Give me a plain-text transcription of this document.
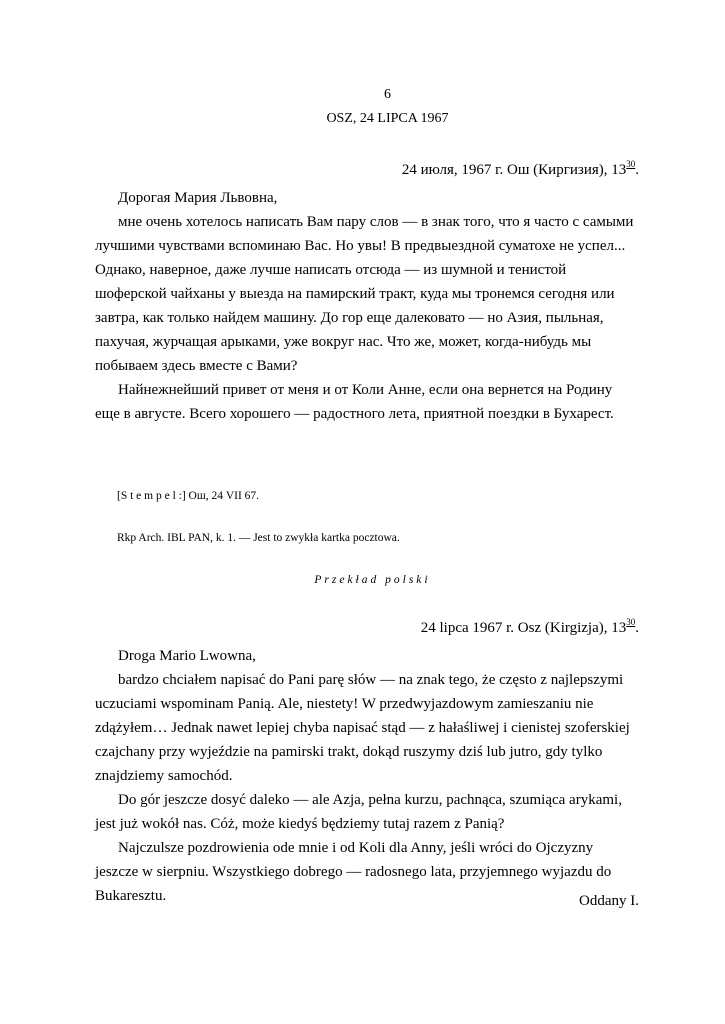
6
OSZ, 24 LIPCA 1967
24 июля, 1967 г. Ош (Киргизия), $13^{30}$.

Дорогая Мария Львовна,

мне очень хотелось написать Вам пару слов — в знак того, что я часто с самыми лучшими чувствами вспоминаю Вас. Но увы! В предвыездной суматохе не успел... Однако, наверное, даже лучше написать отсюда — из шумной и тенистой шоферской чайханы у выезда на памирский тракт, куда мы тронемся сегодня или завтра, как только найдем машину. До гор еще далековато — но Азия, пыльная, пахучая, журчащая арыками, уже вокруг нас. Что же, может, когда-нибудь мы побываем здесь вместе с Вами?

Найнежнейший привет от меня и от Коли Анне, если она вернется на Родину еще в августе. Всего хорошего — радостного лета, приятной поездки в Бухарест.

[S t e m p e l :] Ош, 24 VII 67.
Rkp Arch. IBL PAN, k. 1. — Jest to zwykła kartka pocztowa.
Przekład polski
24 lipca 1967 r. Osz (Kirgizja), $13^{30}$.

Droga Mario Lwowna,

bardzo chciałem napisać do Pani parę słów — na znak tego, że często z najlepszymi uczuciami wspominam Panią. Ale, niestety! W przedwyjazdowym zamieszaniu nie zdążyłem… Jednak nawet lepiej chyba napisać stąd — z hałaśliwej i cienistej szoferskiej czajchany przy wyjeździe na pamirski trakt, dokąd ruszymy dziś lub jutro, gdy tylko znajdziemy samochód.

Do gór jeszcze dosyć daleko — ale Azja, pełna kurzu, pachnąca, szumiąca arykami, jest już wokół nas. Cóż, może kiedyś będziemy tutaj razem z Panią?

Najczulsze pozdrowienia ode mnie i od Koli dla Anny, jeśli wróci do Ojczyzny jeszcze w sierpniu. Wszystkiego dobrego — radosnego lata, przyjemnego wyjazdu do Bukaresztu.	Oddany I.
